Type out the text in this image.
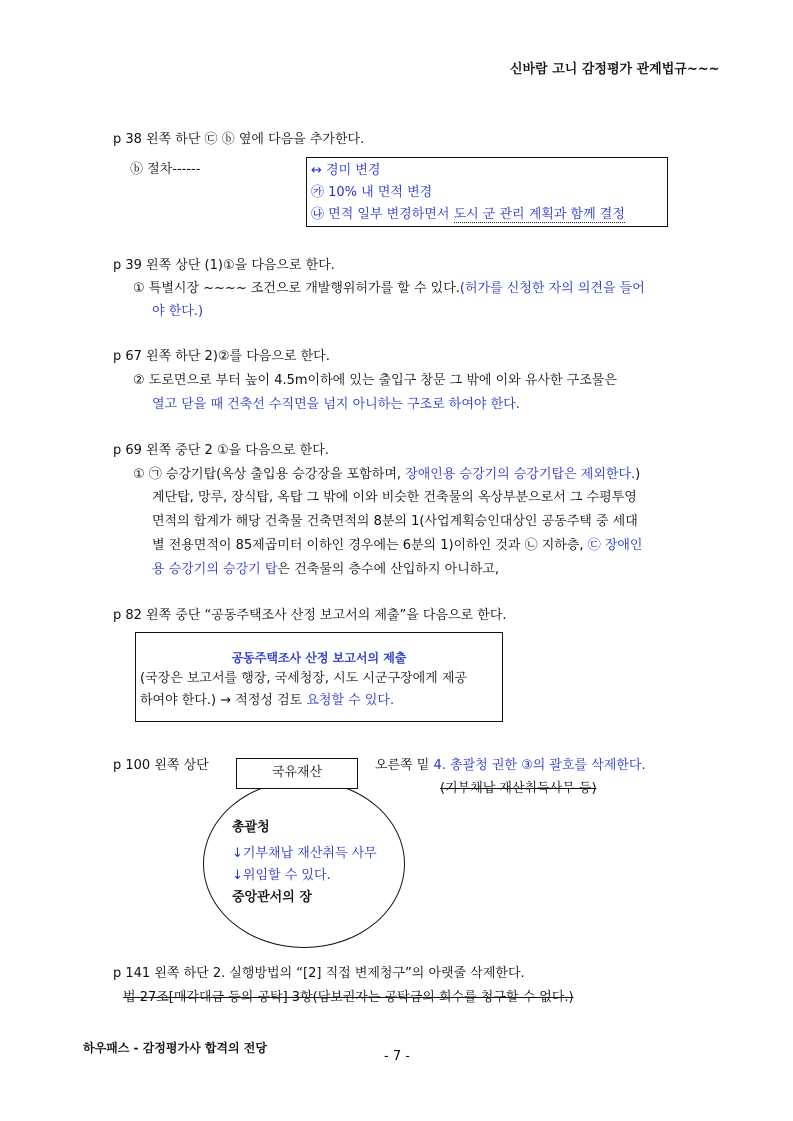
신바람 고니 감정평가 관계법규~~~
p 38 왼쪽 하단 ㉢ ⓑ 옆에 다음을 추가한다.
ⓑ 절차------	↔ 경미 변경
㉮ 10% 내 면적 변경
㉯ 면적 일부 변경하면서 도시 군 관리 계획과 함께 결정
p 39 왼쪽 상단 (1)①을 다음으로 한다.
① 특별시장 ~~~~ 조건으로 개발행위허가를 할 수 있다.(허가를 신청한 자의 의견을 들어
야 한다.)
p 67 왼쪽 하단 2)②를 다음으로 한다.
② 도로면으로 부터 높이 4.5m이하에 있는 출입구 창문 그 밖에 이와 유사한 구조물은
열고 닫을 때 건축선 수직면을 넘지 아니하는 구조로 하여야 한다.
p 69 왼쪽 중단 2 ①을 다음으로 한다.
① ㉠ 승강기탑(옥상 출입용 승강장을 포함하며, 장애인용 승강기의 승강기탑은 제외한다.)
계단탑, 망루, 장식탑, 옥탑 그 밖에 이와 비슷한 건축물의 옥상부분으로서 그 수평투영
면적의 합계가 해당 건축물 건축면적의 8분의 1(사업계획승인대상인 공동주택 중 세대
별 전용면적이 85제곱미터 이하인 경우에는 6분의 1)이하인 것과 ㉡ 지하층, ㉢ 장애인
용 승강기의 승강기 탑은 건축물의 층수에 산입하지 아니하고,
p 82 왼쪽 중단 “공동주택조사 산정 보고서의 제출”을 다음으로 한다.
공동주택조사 산정 보고서의 제출
(국장은 보고서를 행장, 국세청장, 시도 시군구장에게 제공
하여야 한다.) → 적정성 검토 요청할 수 있다.
p 100 왼쪽 상단
총괄청
↓기부채납 재산취득 사무
↓위임할 수 있다.
중앙관서의 장
국유재산	오른쪽 밑 4. 총괄청 권한 ③의 괄호를 삭제한다.
(기부채납 재산취득사무 등)
p 141 왼쪽 하단 2. 실행방법의 “[2] 직접 변제청구”의 아랫줄 삭제한다.
법 27조[매각대금 등의 공탁] 3항(담보권자는 공탁금의 회수를 청구할 수 없다.)
하우패스 - 감정평가사 합격의 전당
- 7 -
